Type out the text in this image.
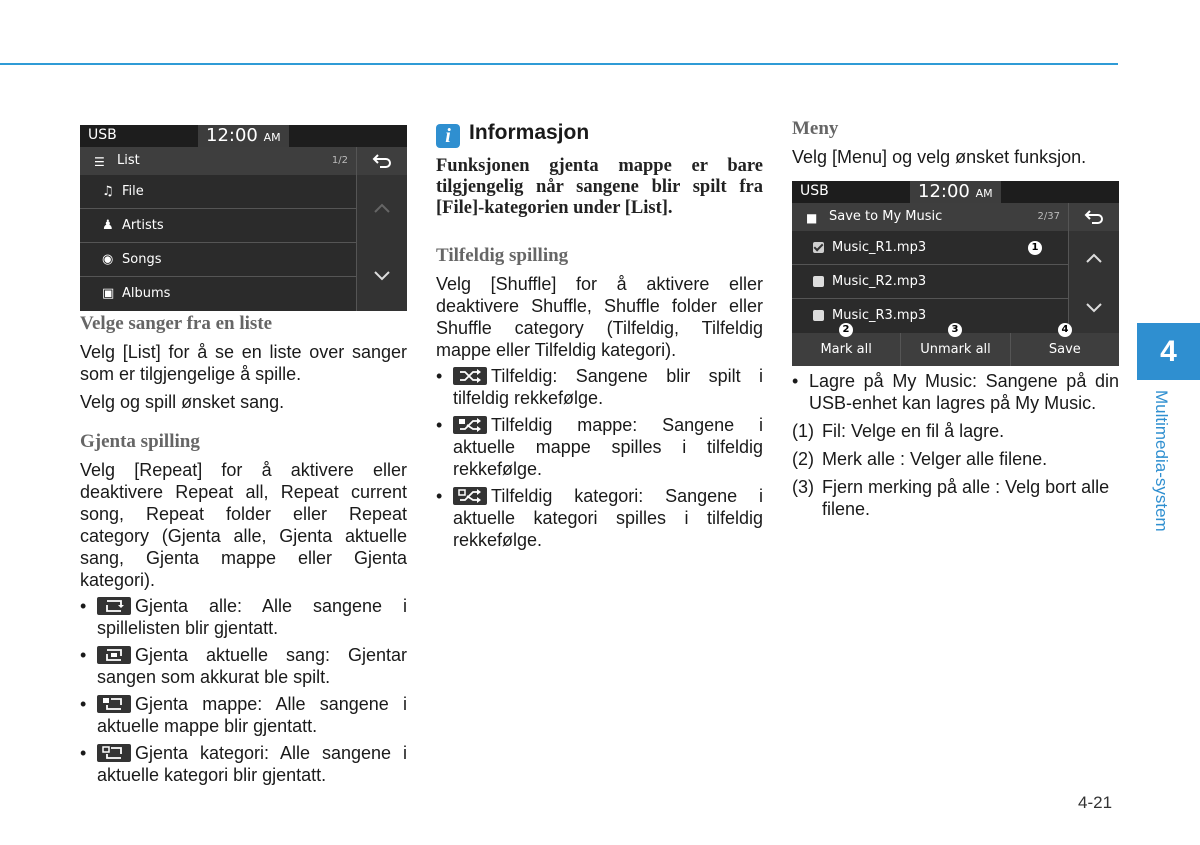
USB	12:00 AM
☰ List	1/2
♫ File
♟ Artists
◉ Songs
▣ Albums

Velge sanger fra en liste

Velg [List] for å se en liste over sanger som er tilgjengelige å spille.

Velg og spill ønsket sang.

Gjenta spilling

Velg [Repeat] for å aktivere eller deaktivere Repeat all, Repeat current song, Repeat folder eller Repeat category (Gjenta alle, Gjenta aktuelle sang, Gjenta mappe eller Gjenta kategori).

• Gjenta alle: Alle sangene i spillelisten blir gjentatt.
• Gjenta aktuelle sang: Gjentar sangen som akkurat ble spilt.
• Gjenta mappe: Alle sangene i aktuelle mappe blir gjentatt.
• Gjenta kategori: Alle sangene i aktuelle kategori blir gjentatt.

i Informasjon

Funksjonen gjenta mappe er bare tilgjengelig når sangene blir spilt fra [File]-kategorien under [List].

Tilfeldig spilling

Velg [Shuffle] for å aktivere eller deaktivere Shuffle, Shuffle folder eller Shuffle category (Tilfeldig, Tilfeldig mappe eller Tilfeldig kategori).

• Tilfeldig: Sangene blir spilt i tilfeldig rekkefølge.
• Tilfeldig mappe: Sangene i aktuelle mappe spilles i tilfeldig rekkefølge.
• Tilfeldig kategori: Sangene i aktuelle kategori spilles i tilfeldig rekkefølge.

Meny

Velg [Menu] og velg ønsket funksjon.

USB	12:00 AM
■ Save to My Music	2/37
Music_R1.mp3	1
Music_R2.mp3
Music_R3.mp3
Mark all	Unmark all	Save
2	3	4
• Lagre på My Music: Sangene på din USB-enhet kan lagres på My Music.
(1) Fil: Velge en fil å lagre.
(2) Merk alle : Velger alle filene.
(3) Fjern merking på alle : Velg bort alle filene.
4
Multimedia-system
4-21
